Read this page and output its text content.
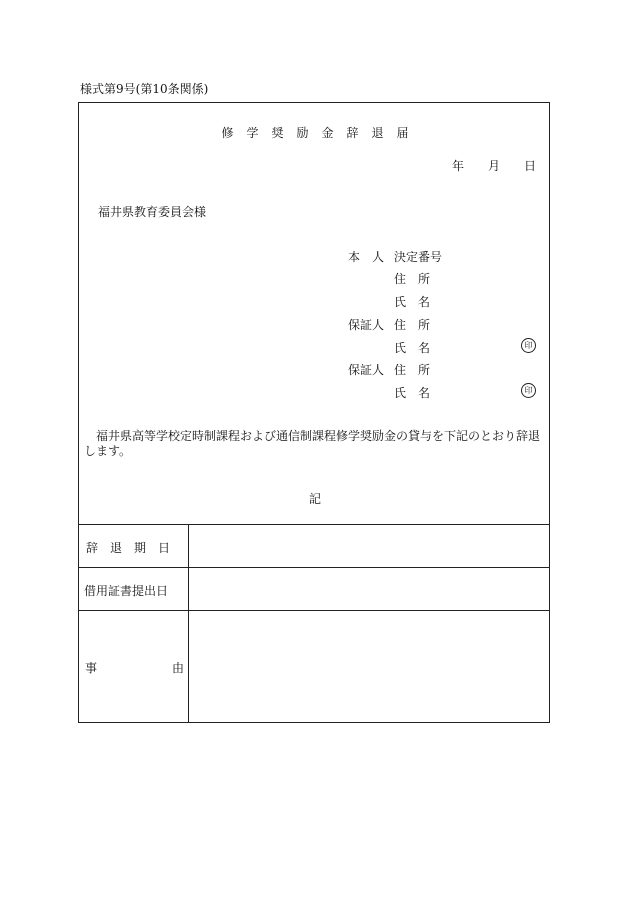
様式第9号(第10条関係)
修学奨励金辞退届
年 月 日
福井県教育委員会様
本　人 決定番号
住　所
氏　名
保証人 住　所
氏　名	印
保証人 住　所
氏　名	印
福井県高等学校定時制課程および通信制課程修学奨励金の貸与を下記のとおり辞退します。
記
辞　退　期　日
借用証書提出日
事	由
